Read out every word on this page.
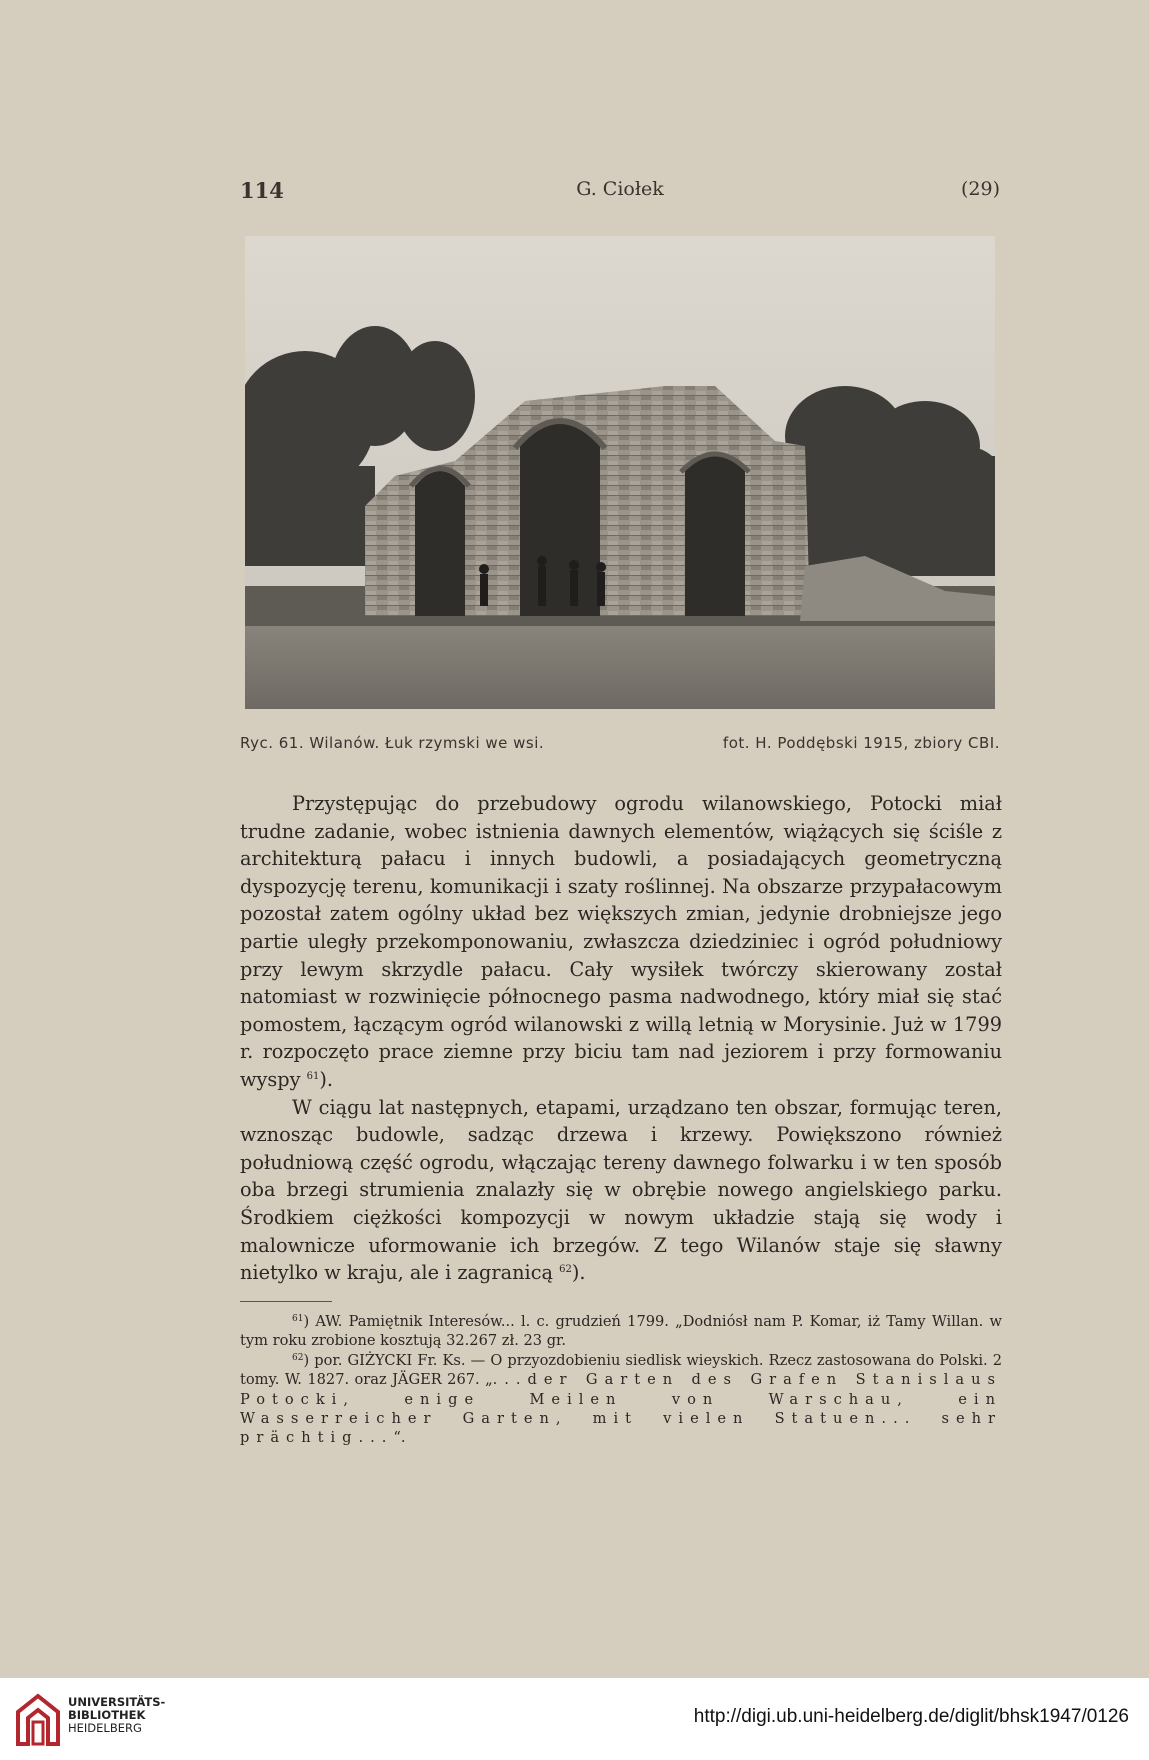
114	G. Ciołek	(29)
Ryc. 61. Wilanów. Łuk rzymski we wsi.	fot. H. Poddębski 1915, zbiory CBI.

Przystępując do przebudowy ogrodu wilanowskiego, Potocki miał trudne zadanie, wobec istnienia dawnych elementów, wiążących się ściśle z architekturą pałacu i innych budowli, a posiadających geometryczną dyspozycję terenu, komunikacji i szaty roślinnej. Na obszarze przypałacowym pozostał zatem ogólny układ bez większych zmian, jedynie drobniejsze jego partie uległy przekomponowaniu, zwłaszcza dziedziniec i ogród południowy przy lewym skrzydle pałacu. Cały wysiłek twórczy skierowany został natomiast w rozwinięcie północnego pasma nadwodnego, który miał się stać pomostem, łączącym ogród wilanowski z willą letnią w Morysinie. Już w 1799 r. rozpoczęto prace ziemne przy biciu tam nad jeziorem i przy formowaniu wyspy $^{61}$).

W ciągu lat następnych, etapami, urządzano ten obszar, formując teren, wznosząc budowle, sadząc drzewa i krzewy. Powiększono również południową część ogrodu, włączając tereny dawnego folwarku i w ten sposób oba brzegi strumienia znalazły się w obrębie nowego angielskiego parku. Środkiem ciężkości kompozycji w nowym układzie stają się wody i malownicze uformowanie ich brzegów. Z tego Wilanów staje się sławny nietylko w kraju, ale i zagranicą $^{62}$).

$^{61}$) AW. Pamiętnik Interesów... l. c. grudzień 1799. „Dodniósł nam P. Komar, iż Tamy Willan. w tym roku zrobione kosztują 32.267 zł. 23 gr.

$^{62}$) por. GIŻYCKI Fr. Ks. — O przyozdobieniu siedlisk wieyskich. Rzecz zastosowana do Polski. 2 tomy. W. 1827. oraz JÄGER 267. „...der Garten des Grafen Stanislaus Potocki, enige Meilen von Warschau, ein Wasserreicher Garten, mit vielen Statuen... sehr prächtig...“.

UNIVERSITÄTS-
BIBLIOTHEK
HEIDELBERG
http://digi.ub.uni-heidelberg.de/diglit/bhsk1947/0126
